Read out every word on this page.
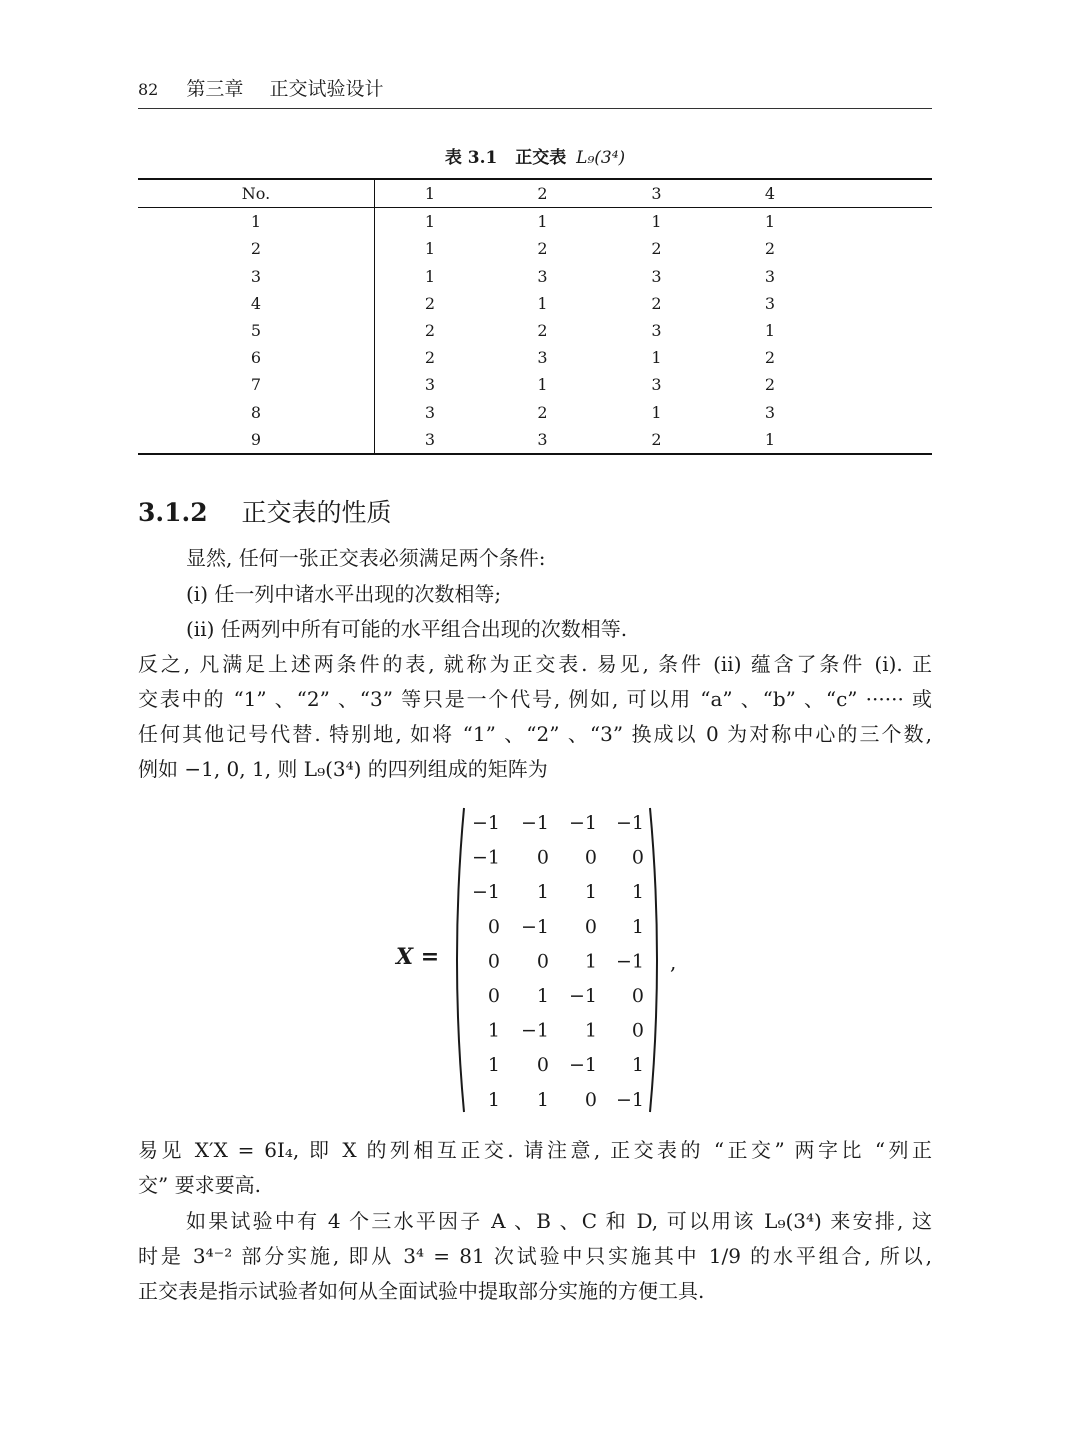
82 第三章 正交试验设计
表 3.1 正交表 L₉(3⁴)
No.	1	2	3	4	
1	1	1	1	1	
2	1	2	2	2	
3	1	3	3	3	
4	2	1	2	3	
5	2	2	3	1	
6	2	3	1	2	
7	3	1	3	2	
8	3	2	1	3	
9	3	3	2	1	
3.1.2 正交表的性质
显然, 任何一张正交表必须满足两个条件:
(i) 任一列中诸水平出现的次数相等;
(ii) 任两列中所有可能的水平组合出现的次数相等.
反之, 凡满足上述两条件的表, 就称为正交表. 易见, 条件 (ii) 蕴含了条件 (i). 正
交表中的 “1” 、“2” 、“3” 等只是一个代号, 例如, 可以用 “a” 、“b” 、“c” ······ 或
任何其他记号代替. 特别地, 如将 “1” 、“2” 、“3” 换成以 0 为对称中心的三个数,
例如 −1, 0, 1, 则 L₉(3⁴) 的四列组成的矩阵为
X =
−1 −1 −1 −1
−1 0 0 0
−1 1 1 1
0 −1 0 1
0 0 1 −1
0 1 −1 0
1 −1 1 0
1 0 −1 1
1 1 0 −1
,
易见 X′X = 6I₄, 即 X 的列相互正交. 请注意, 正交表的 “正交” 两字比 “列正
交” 要求要高.
如果试验中有 4 个三水平因子 A 、B 、C 和 D, 可以用该 L₉(3⁴) 来安排, 这
时是 3⁴⁻² 部分实施, 即从 3⁴ = 81 次试验中只实施其中 1/9 的水平组合, 所以,
正交表是指示试验者如何从全面试验中提取部分实施的方便工具.
